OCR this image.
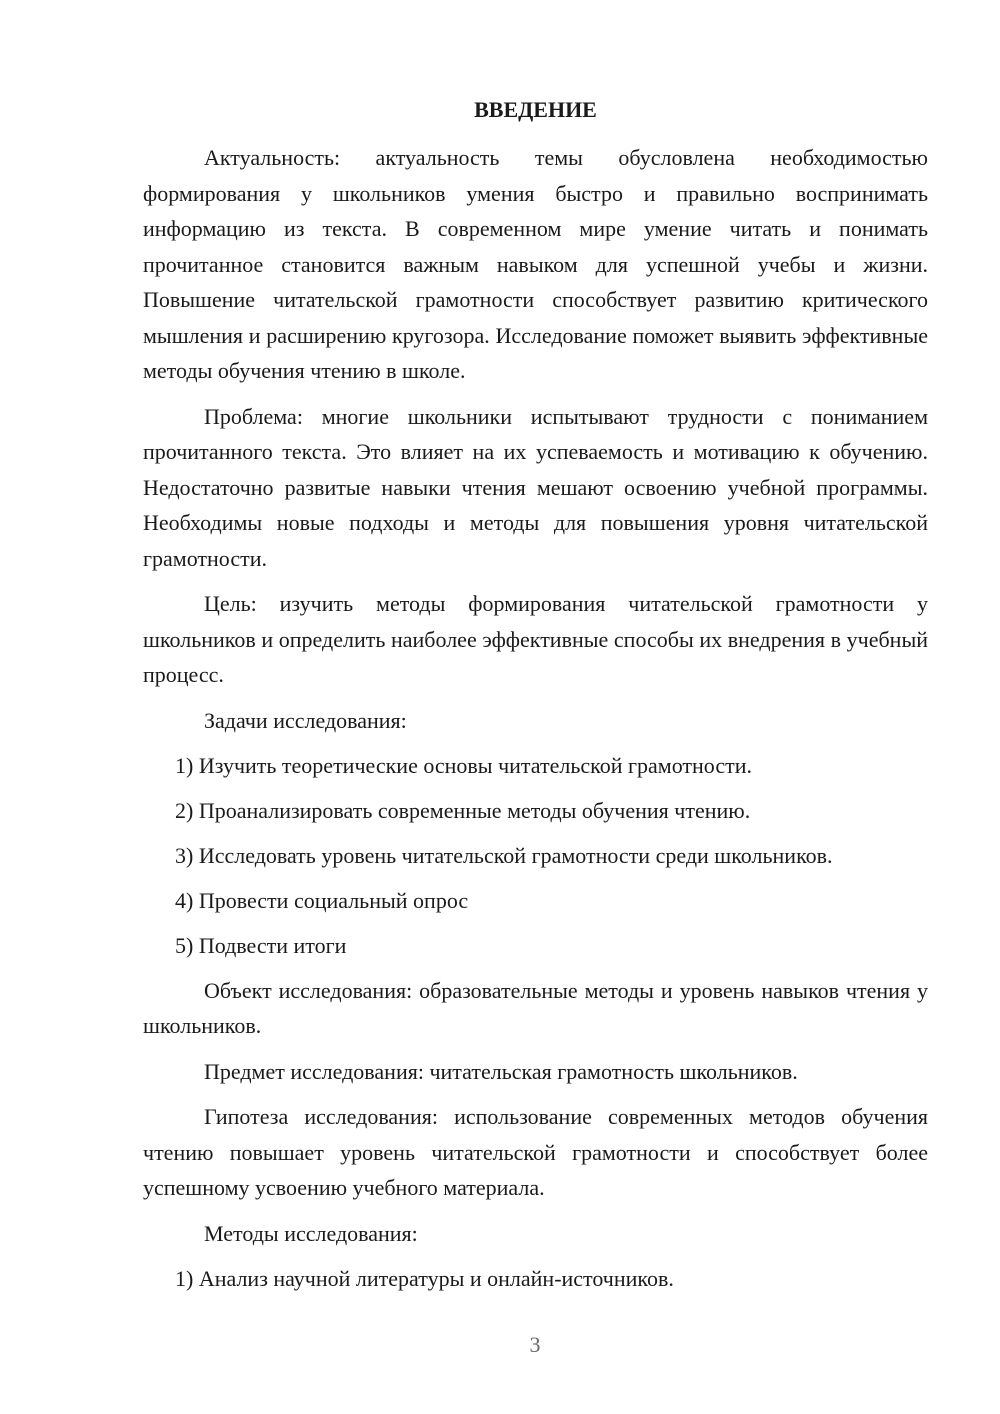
ВВЕДЕНИЕ

Актуальность: актуальность темы обусловлена необходимостью формирования у школьников умения быстро и правильно воспринимать информацию из текста. В современном мире умение читать и понимать прочитанное становится важным навыком для успешной учебы и жизни. Повышение читательской грамотности способствует развитию критического мышления и расширению кругозора. Исследование поможет выявить эффективные методы обучения чтению в школе.

Проблема: многие школьники испытывают трудности с пониманием прочитанного текста. Это влияет на их успеваемость и мотивацию к обучению. Недостаточно развитые навыки чтения мешают освоению учебной программы. Необходимы новые подходы и методы для повышения уровня читательской грамотности.

Цель: изучить методы формирования читательской грамотности у школьников и определить наиболее эффективные способы их внедрения в учебный процесс.

Задачи исследования:
1) Изучить теоретические основы читательской грамотности.
2) Проанализировать современные методы обучения чтению.
3) Исследовать уровень читательской грамотности среди школьников.
4) Провести социальный опрос
5) Подвести итоги

Объект исследования: образовательные методы и уровень навыков чтения у школьников.

Предмет исследования: читательская грамотность школьников.

Гипотеза исследования: использование современных методов обучения чтению повышает уровень читательской грамотности и способствует более успешному усвоению учебного материала.

Методы исследования:
1) Анализ научной литературы и онлайн-источников.
3
